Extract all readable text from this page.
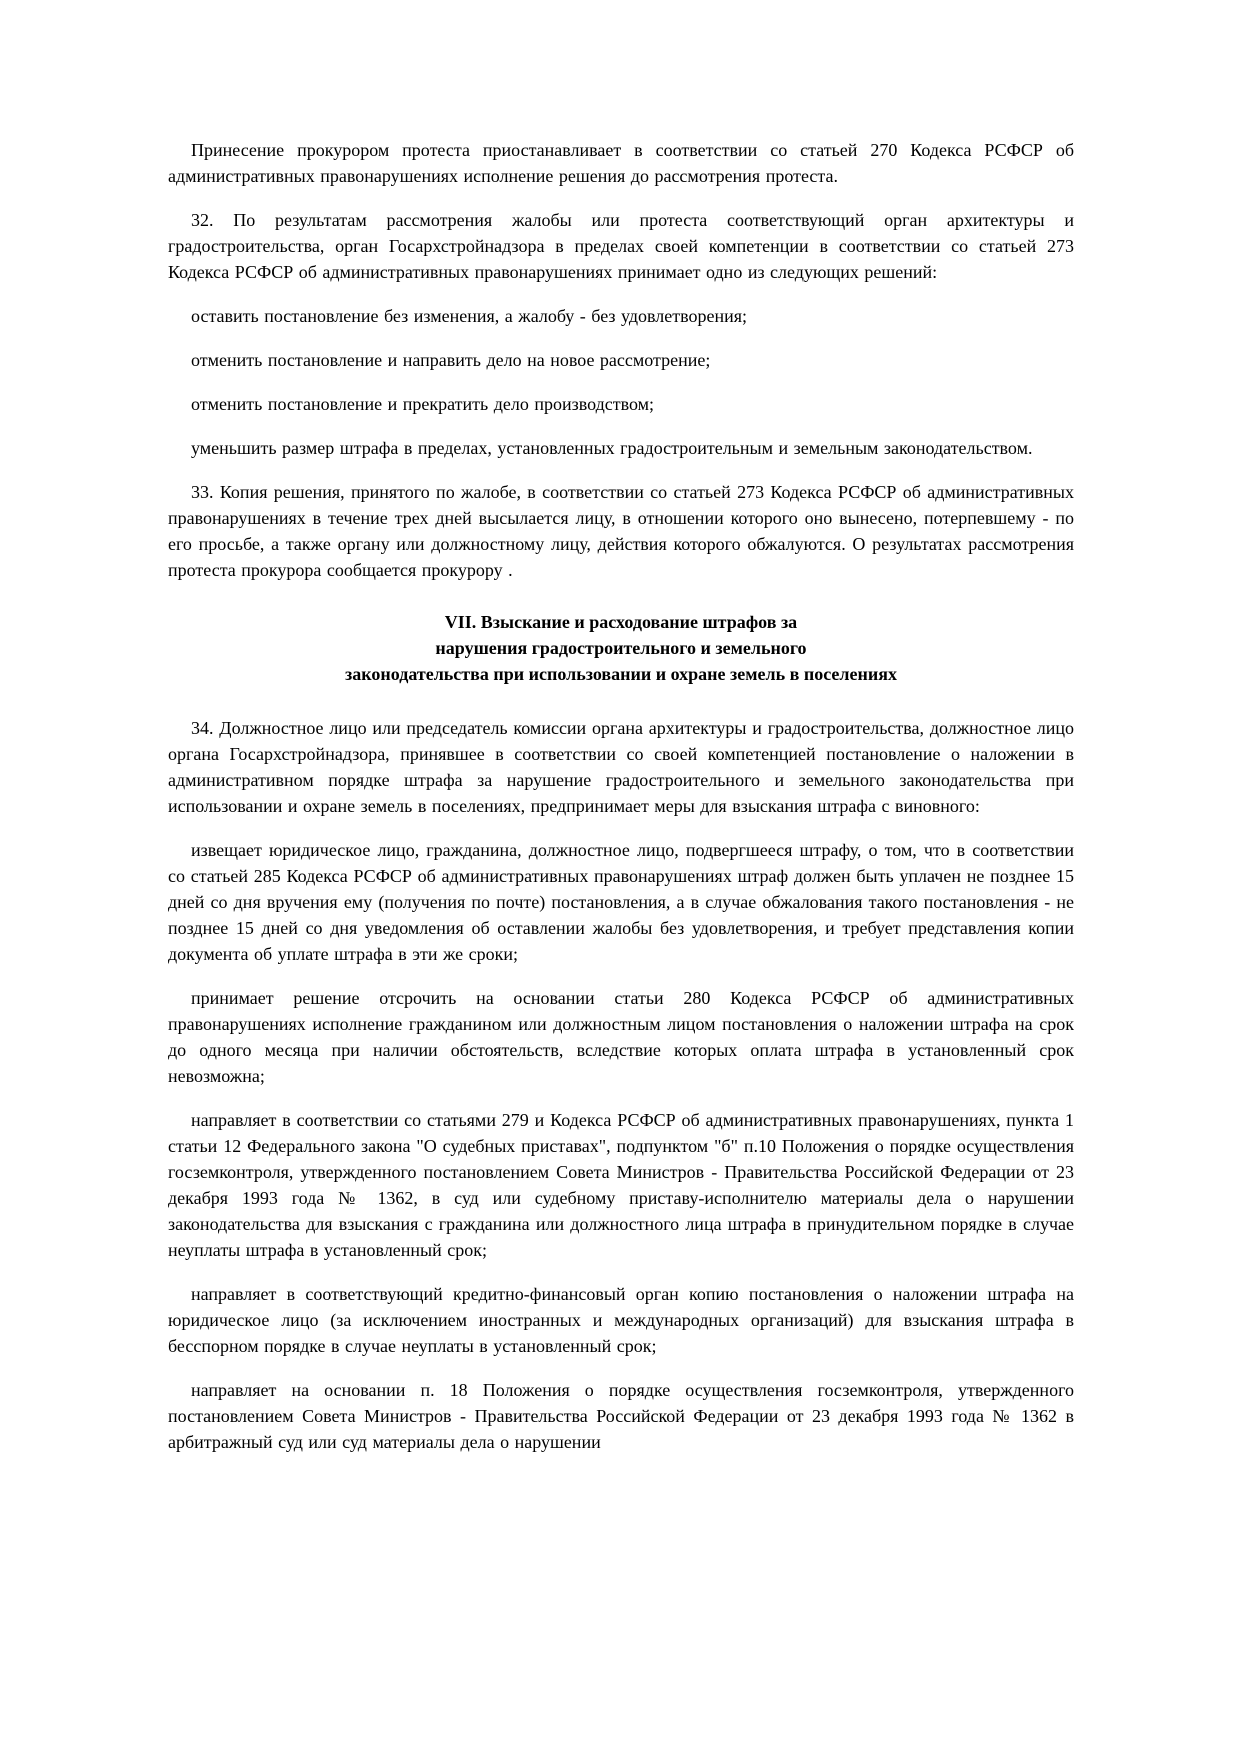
Принесение прокурором протеста приостанавливает в соответствии со статьей 270 Кодекса РСФСР об административных правонарушениях исполнение решения до рассмотрения протеста.

32. По результатам рассмотрения жалобы или протеста соответствующий орган архитектуры и градостроительства, орган Госархстройнадзора в пределах своей компетенции в соответствии со статьей 273 Кодекса РСФСР об административных правонарушениях принимает одно из следующих решений:

оставить постановление без изменения, а жалобу - без удовлетворения;

отменить постановление и направить дело на новое рассмотрение;

отменить постановление и прекратить дело производством;

уменьшить размер штрафа в пределах, установленных градостроительным и земельным законодательством.

33. Копия решения, принятого по жалобе, в соответствии со статьей 273 Кодекса РСФСР об административных правонарушениях в течение трех дней высылается лицу, в отношении которого оно вынесено, потерпевшему - по его просьбе, а также органу или должностному лицу, действия которого обжалуются. О результатах рассмотрения протеста прокурора сообщается прокурору .

VII. Взыскание и расходование штрафов за
нарушения градостроительного и земельного
законодательства при использовании и охране земель в поселениях

34. Должностное лицо или председатель комиссии органа архитектуры и градостроительства, должностное лицо органа Госархстройнадзора, принявшее в соответствии со своей компетенцией постановление о наложении в административном порядке штрафа за нарушение градостроительного и земельного законодательства при использовании и охране земель в поселениях, предпринимает меры для взыскания штрафа с виновного:

извещает юридическое лицо, гражданина, должностное лицо, подвергшееся штрафу, о том, что в соответствии со статьей 285 Кодекса РСФСР об административных правонарушениях штраф должен быть уплачен не позднее 15 дней со дня вручения ему (получения по почте) постановления, а в случае обжалования такого постановления - не позднее 15 дней со дня уведомления об оставлении жалобы без удовлетворения, и требует представления копии документа об уплате штрафа в эти же сроки;

принимает решение отсрочить на основании статьи 280 Кодекса РСФСР об административных правонарушениях исполнение гражданином или должностным лицом постановления о наложении штрафа на срок до одного месяца при наличии обстоятельств, вследствие которых оплата штрафа в установленный срок невозможна;

направляет в соответствии со статьями 279 и Кодекса РСФСР об административных правонарушениях, пункта 1 статьи 12 Федерального закона "О судебных приставах", подпунктом "б" п.10 Положения о порядке осуществления госземконтроля, утвержденного постановлением Совета Министров - Правительства Российской Федерации от 23 декабря 1993 года № 1362, в суд или судебному приставу-исполнителю материалы дела о нарушении законодательства для взыскания с гражданина или должностного лица штрафа в принудительном порядке в случае неуплаты штрафа в установленный срок;

направляет в соответствующий кредитно-финансовый орган копию постановления о наложении штрафа на юридическое лицо (за исключением иностранных и международных организаций) для взыскания штрафа в бесспорном порядке в случае неуплаты в установленный срок;

направляет на основании п. 18 Положения о порядке осуществления госземконтроля, утвержденного постановлением Совета Министров - Правительства Российской Федерации от 23 декабря 1993 года № 1362 в арбитражный суд или суд материалы дела о нарушении
